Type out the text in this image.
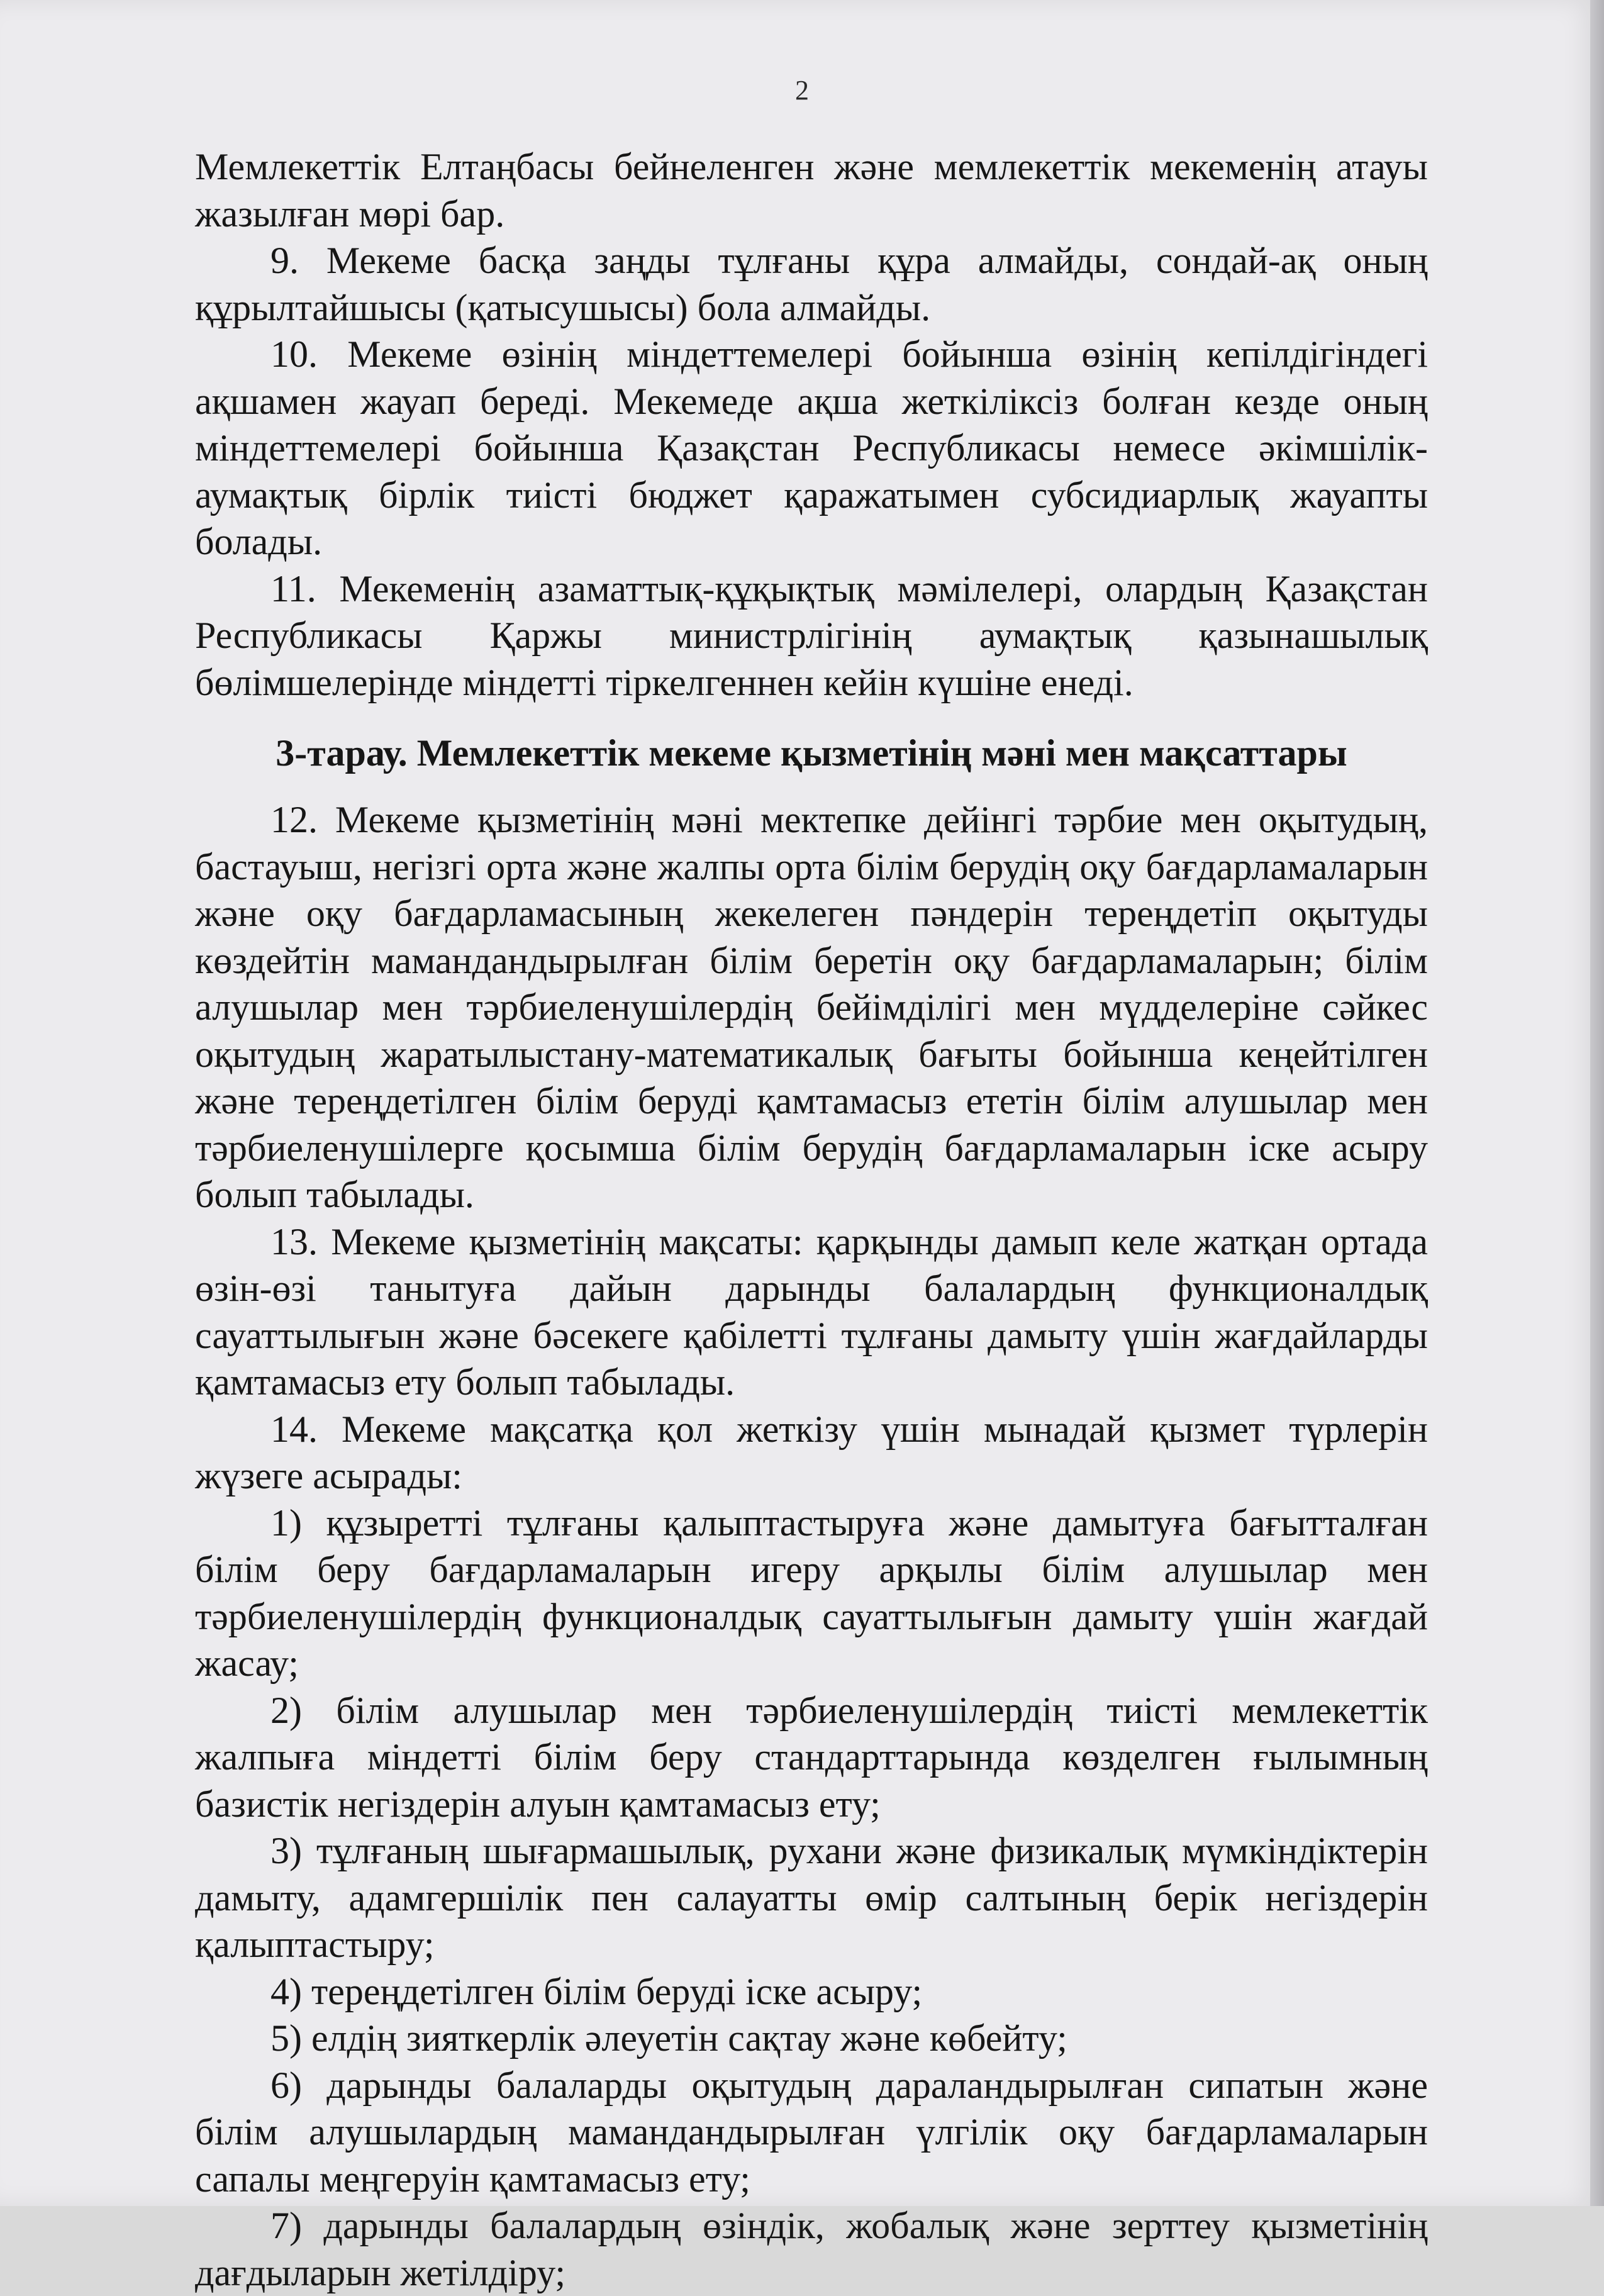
2

Мемлекеттік Елтаңбасы бейнеленген және мемлекеттік мекеменің атауы жазылған мөрі бар.

9. Мекеме басқа заңды тұлғаны құра алмайды, сондай-ақ оның құрылтайшысы (қатысушысы) бола алмайды.

10. Мекеме өзінің міндеттемелері бойынша өзінің кепілдігіндегі ақшамен жауап береді. Мекемеде ақша жеткіліксіз болған кезде оның міндеттемелері бойынша Қазақстан Республикасы немесе әкімшілік-аумақтық бірлік тиісті бюджет қаражатымен субсидиарлық жауапты болады.

11. Мекеменің азаматтық-құқықтық мәмілелері, олардың Қазақстан Республикасы Қаржы министрлігінің аумақтық қазынашылық бөлімшелерінде міндетті тіркелгеннен кейін күшіне енеді.

3-тарау. Мемлекеттік мекеме қызметінің мәні мен мақсаттары

12. Мекеме қызметінің мәні мектепке дейінгі тәрбие мен оқытудың, бастауыш, негізгі орта және жалпы орта білім берудің оқу бағдарламаларын және оқу бағдарламасының жекелеген пәндерін тереңдетіп оқытуды көздейтін мамандандырылған білім беретін оқу бағдарламаларын; білім алушылар мен тәрбиеленушілердің бейімділігі мен мүдделеріне сәйкес оқытудың жаратылыстану-математикалық бағыты бойынша кеңейтілген және тереңдетілген білім беруді қамтамасыз ететін білім алушылар мен тәрбиеленушілерге қосымша білім берудің бағдарламаларын іске асыру болып табылады.

13. Мекеме қызметінің мақсаты: қарқынды дамып келе жатқан ортада өзін-өзі танытуға дайын дарынды балалардың функционалдық сауаттылығын және бәсекеге қабілетті тұлғаны дамыту үшін жағдайларды қамтамасыз ету болып табылады.

14. Мекеме мақсатқа қол жеткізу үшін мынадай қызмет түрлерін жүзеге асырады:

1) құзыретті тұлғаны қалыптастыруға және дамытуға бағытталған білім беру бағдарламаларын игеру арқылы білім алушылар мен тәрбиеленушілердің функционалдық сауаттылығын дамыту үшін жағдай жасау;

2) білім алушылар мен тәрбиеленушілердің тиісті мемлекеттік жалпыға міндетті білім беру стандарттарында көзделген ғылымның базистік негіздерін алуын қамтамасыз ету;

3) тұлғаның шығармашылық, рухани және физикалық мүмкіндіктерін дамыту, адамгершілік пен салауатты өмір салтының берік негіздерін қалыптастыру;

4) тереңдетілген білім беруді іске асыру;

5) елдің зияткерлік әлеуетін сақтау және көбейту;

6) дарынды балаларды оқытудың дараландырылған сипатын және білім алушылардың мамандандырылған үлгілік оқу бағдарламаларын сапалы меңгеруін қамтамасыз ету;

7) дарынды балалардың өзіндік, жобалық және зерттеу қызметінің дағдыларын жетілдіру;
